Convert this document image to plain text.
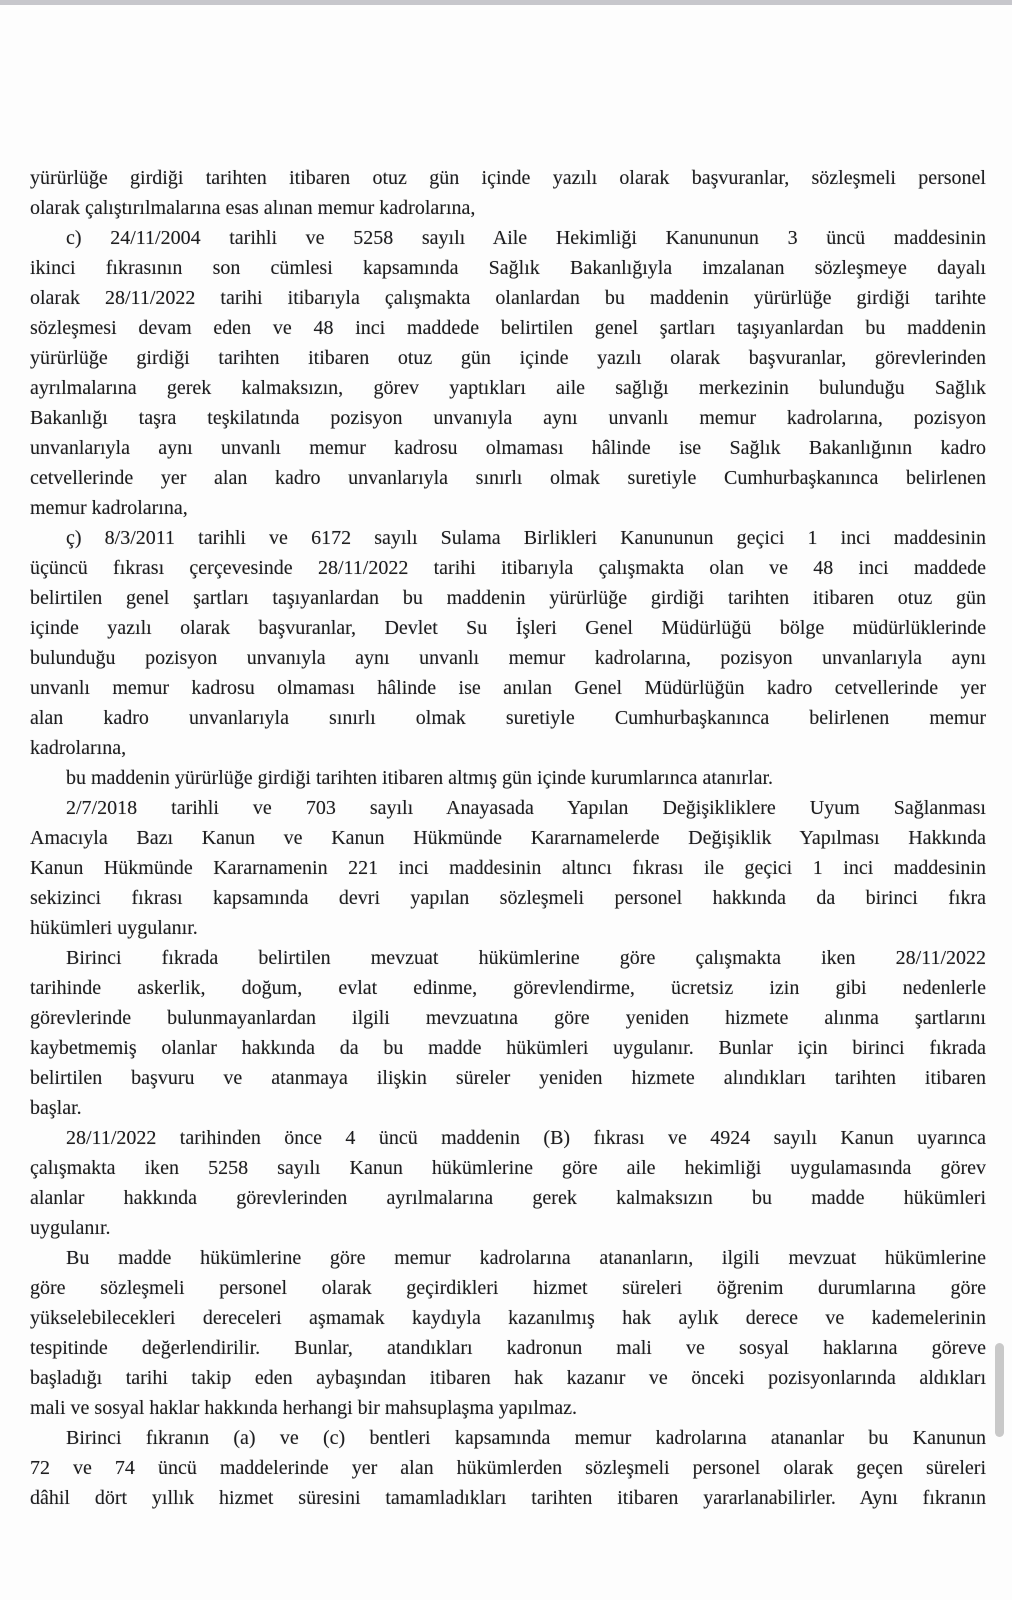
yürürlüğe girdiği tarihten itibaren otuz gün içinde yazılı olarak başvuranlar, sözleşmeli personel
olarak çalıştırılmalarına esas alınan memur kadrolarına,
c) 24/11/2004 tarihli ve 5258 sayılı Aile Hekimliği Kanununun 3 üncü maddesinin
ikinci fıkrasının son cümlesi kapsamında Sağlık Bakanlığıyla imzalanan sözleşmeye dayalı
olarak 28/11/2022 tarihi itibarıyla çalışmakta olanlardan bu maddenin yürürlüğe girdiği tarihte
sözleşmesi devam eden ve 48 inci maddede belirtilen genel şartları taşıyanlardan bu maddenin
yürürlüğe girdiği tarihten itibaren otuz gün içinde yazılı olarak başvuranlar, görevlerinden
ayrılmalarına gerek kalmaksızın, görev yaptıkları aile sağlığı merkezinin bulunduğu Sağlık
Bakanlığı taşra teşkilatında pozisyon unvanıyla aynı unvanlı memur kadrolarına, pozisyon
unvanlarıyla aynı unvanlı memur kadrosu olmaması hâlinde ise Sağlık Bakanlığının kadro
cetvellerinde yer alan kadro unvanlarıyla sınırlı olmak suretiyle Cumhurbaşkanınca belirlenen
memur kadrolarına,
ç) 8/3/2011 tarihli ve 6172 sayılı Sulama Birlikleri Kanununun geçici 1 inci maddesinin
üçüncü fıkrası çerçevesinde 28/11/2022 tarihi itibarıyla çalışmakta olan ve 48 inci maddede
belirtilen genel şartları taşıyanlardan bu maddenin yürürlüğe girdiği tarihten itibaren otuz gün
içinde yazılı olarak başvuranlar, Devlet Su İşleri Genel Müdürlüğü bölge müdürlüklerinde
bulunduğu pozisyon unvanıyla aynı unvanlı memur kadrolarına, pozisyon unvanlarıyla aynı
unvanlı memur kadrosu olmaması hâlinde ise anılan Genel Müdürlüğün kadro cetvellerinde yer
alan kadro unvanlarıyla sınırlı olmak suretiyle Cumhurbaşkanınca belirlenen memur
kadrolarına,
bu maddenin yürürlüğe girdiği tarihten itibaren altmış gün içinde kurumlarınca atanırlar.
2/7/2018 tarihli ve 703 sayılı Anayasada Yapılan Değişikliklere Uyum Sağlanması
Amacıyla Bazı Kanun ve Kanun Hükmünde Kararnamelerde Değişiklik Yapılması Hakkında
Kanun Hükmünde Kararnamenin 221 inci maddesinin altıncı fıkrası ile geçici 1 inci maddesinin
sekizinci fıkrası kapsamında devri yapılan sözleşmeli personel hakkında da birinci fıkra
hükümleri uygulanır.
Birinci fıkrada belirtilen mevzuat hükümlerine göre çalışmakta iken 28/11/2022
tarihinde askerlik, doğum, evlat edinme, görevlendirme, ücretsiz izin gibi nedenlerle
görevlerinde bulunmayanlardan ilgili mevzuatına göre yeniden hizmete alınma şartlarını
kaybetmemiş olanlar hakkında da bu madde hükümleri uygulanır. Bunlar için birinci fıkrada
belirtilen başvuru ve atanmaya ilişkin süreler yeniden hizmete alındıkları tarihten itibaren
başlar.
28/11/2022 tarihinden önce 4 üncü maddenin (B) fıkrası ve 4924 sayılı Kanun uyarınca
çalışmakta iken 5258 sayılı Kanun hükümlerine göre aile hekimliği uygulamasında görev
alanlar hakkında görevlerinden ayrılmalarına gerek kalmaksızın bu madde hükümleri
uygulanır.
Bu madde hükümlerine göre memur kadrolarına atananların, ilgili mevzuat hükümlerine
göre sözleşmeli personel olarak geçirdikleri hizmet süreleri öğrenim durumlarına göre
yükselebilecekleri dereceleri aşmamak kaydıyla kazanılmış hak aylık derece ve kademelerinin
tespitinde değerlendirilir. Bunlar, atandıkları kadronun mali ve sosyal haklarına göreve
başladığı tarihi takip eden aybaşından itibaren hak kazanır ve önceki pozisyonlarında aldıkları
mali ve sosyal haklar hakkında herhangi bir mahsuplaşma yapılmaz.
Birinci fıkranın (a) ve (c) bentleri kapsamında memur kadrolarına atananlar bu Kanunun
72 ve 74 üncü maddelerinde yer alan hükümlerden sözleşmeli personel olarak geçen süreleri
dâhil dört yıllık hizmet süresini tamamladıkları tarihten itibaren yararlanabilirler. Aynı fıkranın
